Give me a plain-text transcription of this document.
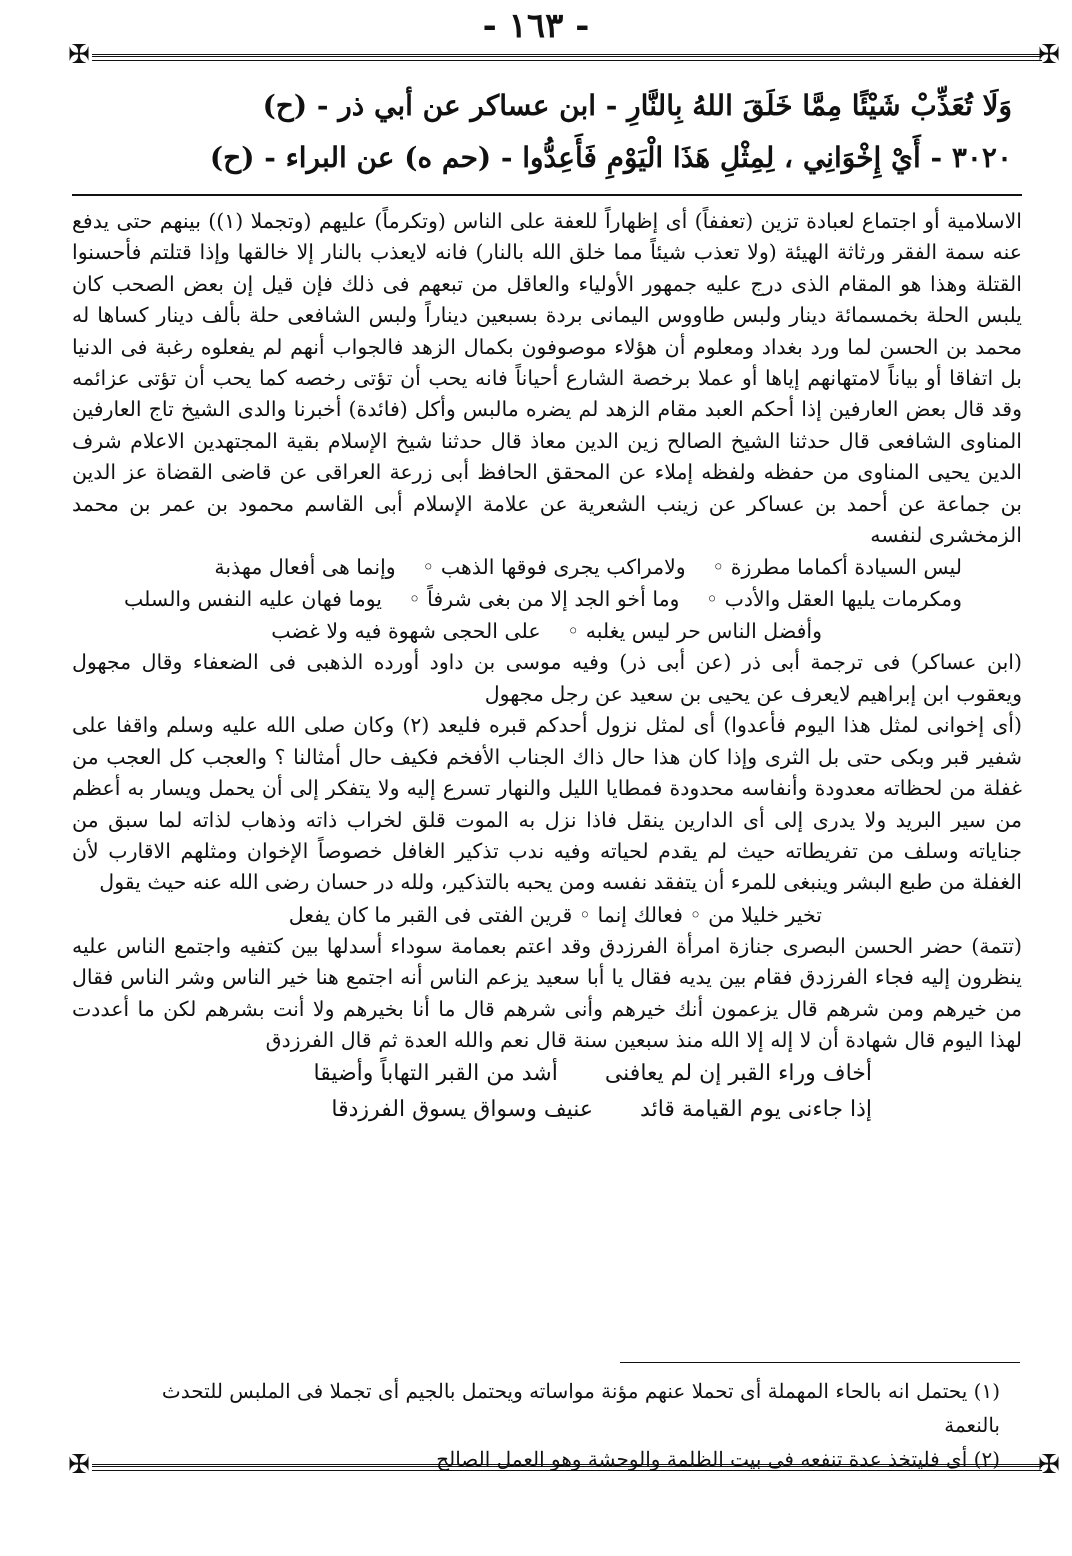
- ١٦٣ -
✠	✠
✠	✠
وَلَا تُعَذِّبْ شَيْئًا مِمَّا خَلَقَ اللهُ بِالنَّارِ - ابن عساكر عن أبي ذر - (ح)
٣٠٢٠ - أَيْ إِخْوَانِي ، لِمِثْلِ هَذَا الْيَوْمِ فَأَعِدُّوا - (حم ه) عن البراء - (ح)

الاسلامية أو اجتماع لعبادة تزين (تعففاً) أى إظهاراً للعفة على الناس (وتكرماً) عليهم (وتجملا (١)) بينهم حتى يدفع عنه سمة الفقر ورثاثة الهيئة (ولا تعذب شيئاً مما خلق الله بالنار) فانه لايعذب بالنار إلا خالقها وإذا قتلتم فأحسنوا القتلة وهذا هو المقام الذى درج عليه جمهور الأولياء والعاقل من تبعهم فى ذلك فإن قيل إن بعض الصحب كان يلبس الحلة بخمسمائة دينار ولبس طاووس اليمانى بردة بسبعين ديناراً ولبس الشافعى حلة بألف دينار كساها له محمد بن الحسن لما ورد بغداد ومعلوم أن هؤلاء موصوفون بكمال الزهد فالجواب أنهم لم يفعلوه رغبة فى الدنيا بل اتفاقا أو بياناً لامتهانهم إياها أو عملا برخصة الشارع أحياناً فانه يحب أن تؤتى رخصه كما يحب أن تؤتى عزائمه وقد قال بعض العارفين إذا أحكم العبد مقام الزهد لم يضره مالبس وأكل (فائدة) أخبرنا والدى الشيخ تاج العارفين المناوى الشافعى قال حدثنا الشيخ الصالح زين الدين معاذ قال حدثنا شيخ الإسلام بقية المجتهدين الاعلام شرف الدين يحيى المناوى من حفظه ولفظه إملاء عن المحقق الحافظ أبى زرعة العراقى عن قاضى القضاة عز الدين بن جماعة عن أحمد بن عساكر عن زينب الشعرية عن علامة الإسلام أبى القاسم محمود بن عمر بن محمد الزمخشرى لنفسه

ليس السيادة أكماما مطرزة ◦ ولامراكب يجرى فوقها الذهب ◦ وإنما هى أفعال مهذبة
ومكرمات يليها العقل والأدب ◦ وما أخو الجد إلا من بغى شرفاً ◦ يوما فهان عليه النفس والسلب
وأفضل الناس حر ليس يغلبه ◦ على الحجى شهوة فيه ولا غضب

(ابن عساكر) فى ترجمة أبى ذر (عن أبى ذر) وفيه موسى بن داود أورده الذهبى فى الضعفاء وقال مجهول ويعقوب ابن إبراهيم لايعرف عن يحيى بن سعيد عن رجل مجهول

(أى إخوانى لمثل هذا اليوم فأعدوا) أى لمثل نزول أحدكم قبره فليعد (٢) وكان صلى الله عليه وسلم واقفا على شفير قبر وبكى حتى بل الثرى وإذا كان هذا حال ذاك الجناب الأفخم فكيف حال أمثالنا ؟ والعجب كل العجب من غفلة من لحظاته معدودة وأنفاسه محدودة فمطايا الليل والنهار تسرع إليه ولا يتفكر إلى أن يحمل ويسار به أعظم من سير البريد ولا يدرى إلى أى الدارين ينقل فاذا نزل به الموت قلق لخراب ذاته وذهاب لذاته لما سبق من جناياته وسلف من تفريطاته حيث لم يقدم لحياته وفيه ندب تذكير الغافل خصوصاً الإخوان ومثلهم الاقارب لأن الغفلة من طبع البشر وينبغى للمرء أن يتفقد نفسه ومن يحبه بالتذكير، ولله در حسان رضى الله عنه حيث يقول

تخير خليلا من ◦ فعالك إنما ◦ قرين الفتى فى القبر ما كان يفعل

(تتمة) حضر الحسن البصرى جنازة امرأة الفرزدق وقد اعتم بعمامة سوداء أسدلها بين كتفيه واجتمع الناس عليه ينظرون إليه فجاء الفرزدق فقام بين يديه فقال يا أبا سعيد يزعم الناس أنه اجتمع هنا خير الناس وشر الناس فقال من خيرهم ومن شرهم قال يزعمون أنك خيرهم وأنى شرهم قال ما أنا بخيرهم ولا أنت بشرهم لكن ما أعددت لهذا اليوم قال شهادة أن لا إله إلا الله منذ سبعين سنة قال نعم والله العدة ثم قال الفرزدق

أخاف وراء القبر إن لم يعافنى أشد من القبر التهاباً وأضيقا
إذا جاءنى يوم القيامة قائد عنيف وسواق يسوق الفرزدقا

(١) يحتمل انه بالحاء المهملة أى تحملا عنهم مؤنة مواساته ويحتمل بالجيم أى تجملا فى الملبس للتحدث بالنعمة

(٢) أى فليتخذ عدة تنفعه فى بيت الظلمة والوحشة وهو العمل الصالح
